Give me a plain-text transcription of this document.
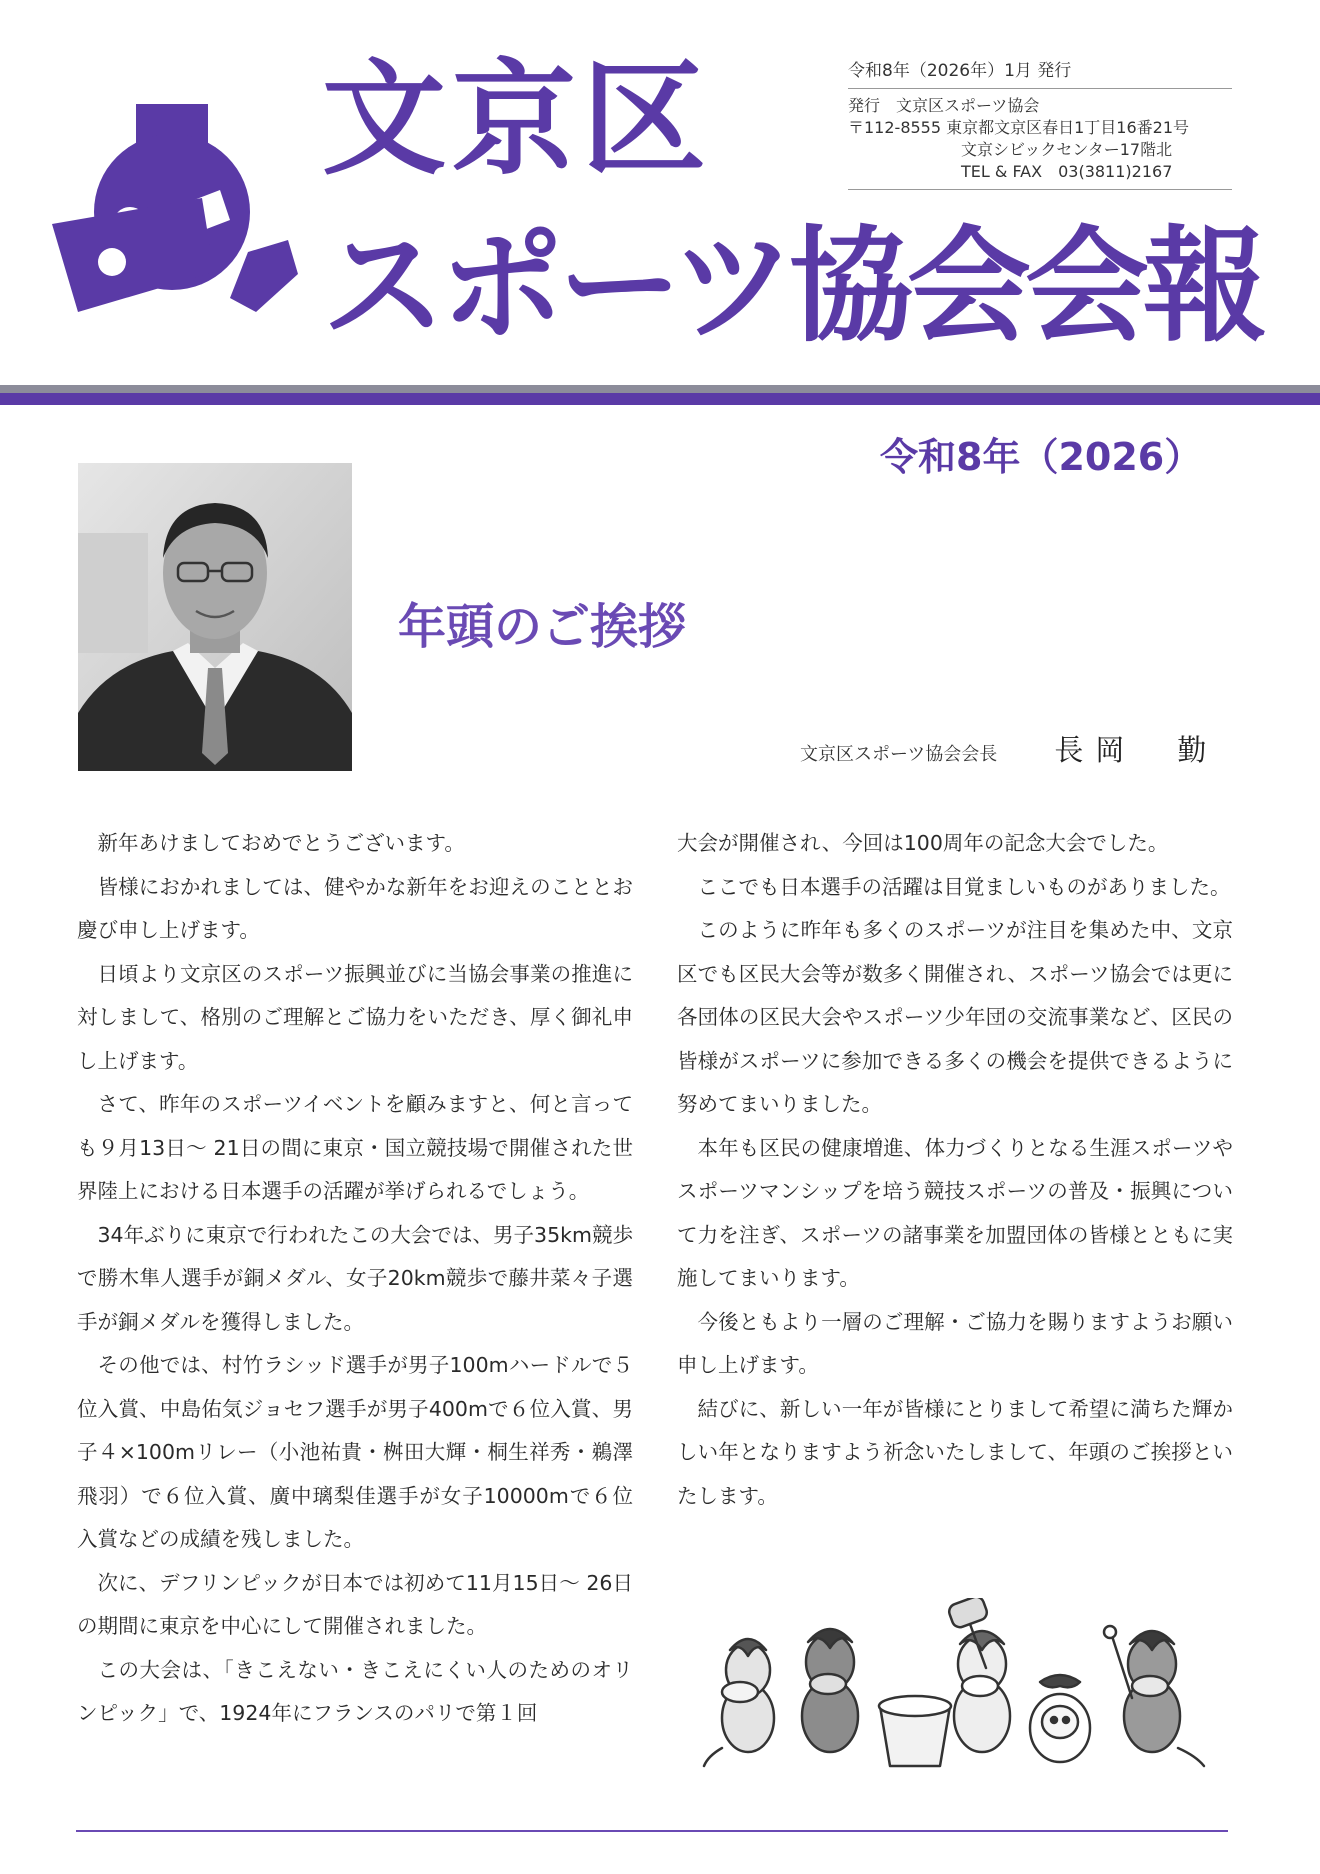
文京区
スポーツ協会会報
令和8年（2026年）1月 発行
発行　文京区スポーツ協会
〒112-8555 東京都文京区春日1丁目16番21号
文京シビックセンター17階北
TEL & FAX　03(3811)2167
令和8年（2026）
年頭のご挨拶
文京区スポーツ協会会長 長岡　勤

新年あけましておめでとうございます。

皆様におかれましては、健やかな新年をお迎えのこととお慶び申し上げます。

日頃より文京区のスポーツ振興並びに当協会事業の推進に対しまして、格別のご理解とご協力をいただき、厚く御礼申し上げます。

さて、昨年のスポーツイベントを顧みますと、何と言っても９月13日～ 21日の間に東京・国立競技場で開催された世界陸上における日本選手の活躍が挙げられるでしょう。

34年ぶりに東京で行われたこの大会では、男子35km競歩で勝木隼人選手が銅メダル、女子20km競歩で藤井菜々子選手が銅メダルを獲得しました。

その他では、村竹ラシッド選手が男子100mハードルで５位入賞、中島佑気ジョセフ選手が男子400mで６位入賞、男子４×100mリレー（小池祐貴・桝田大輝・桐生祥秀・鵜澤飛羽）で６位入賞、廣中璃梨佳選手が女子10000mで６位入賞などの成績を残しました。

次に、デフリンピックが日本では初めて11月15日～ 26日の期間に東京を中心にして開催されました。

この大会は、「きこえない・きこえにくい人のためのオリンピック」で、1924年にフランスのパリで第１回

大会が開催され、今回は100周年の記念大会でした。

ここでも日本選手の活躍は目覚ましいものがありました。

このように昨年も多くのスポーツが注目を集めた中、文京区でも区民大会等が数多く開催され、スポーツ協会では更に各団体の区民大会やスポーツ少年団の交流事業など、区民の皆様がスポーツに参加できる多くの機会を提供できるように努めてまいりました。

本年も区民の健康増進、体力づくりとなる生涯スポーツやスポーツマンシップを培う競技スポーツの普及・振興について力を注ぎ、スポーツの諸事業を加盟団体の皆様とともに実施してまいります。

今後ともより一層のご理解・ご協力を賜りますようお願い申し上げます。

結びに、新しい一年が皆様にとりまして希望に満ちた輝かしい年となりますよう祈念いたしまして、年頭のご挨拶といたします。
